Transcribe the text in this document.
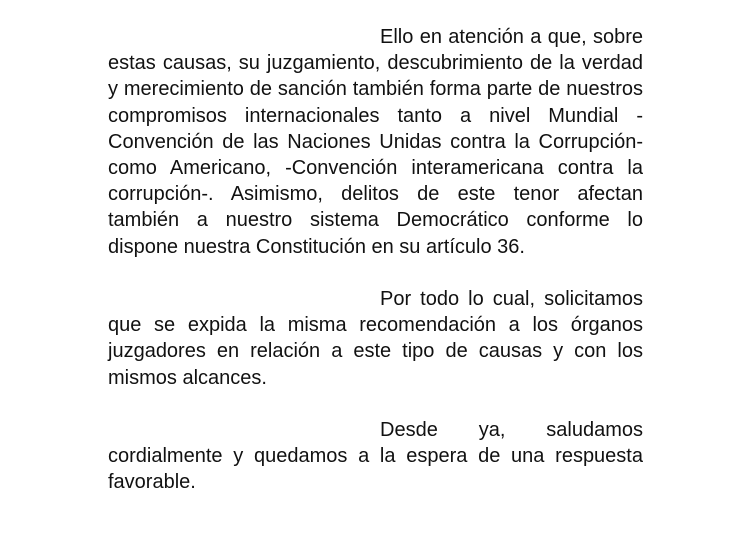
Ello en atención a que, sobre estas causas, su juzgamiento, descubrimiento de la verdad y merecimiento de sanción también forma parte de nuestros compromisos internacionales tanto a nivel Mundial -Convención de las Naciones Unidas contra la Corrupción- como Americano, -Convención interamericana contra la corrupción-. Asimismo, delitos de este tenor afectan también a nuestro sistema Democrático conforme lo dispone nuestra Constitución en su artículo 36.

Por todo lo cual, solicitamos que se expida la misma recomendación a los órganos juzgadores en relación a este tipo de causas y con los mismos alcances.

Desde ya, saludamos cordialmente y quedamos a la espera de una respuesta favorable.
